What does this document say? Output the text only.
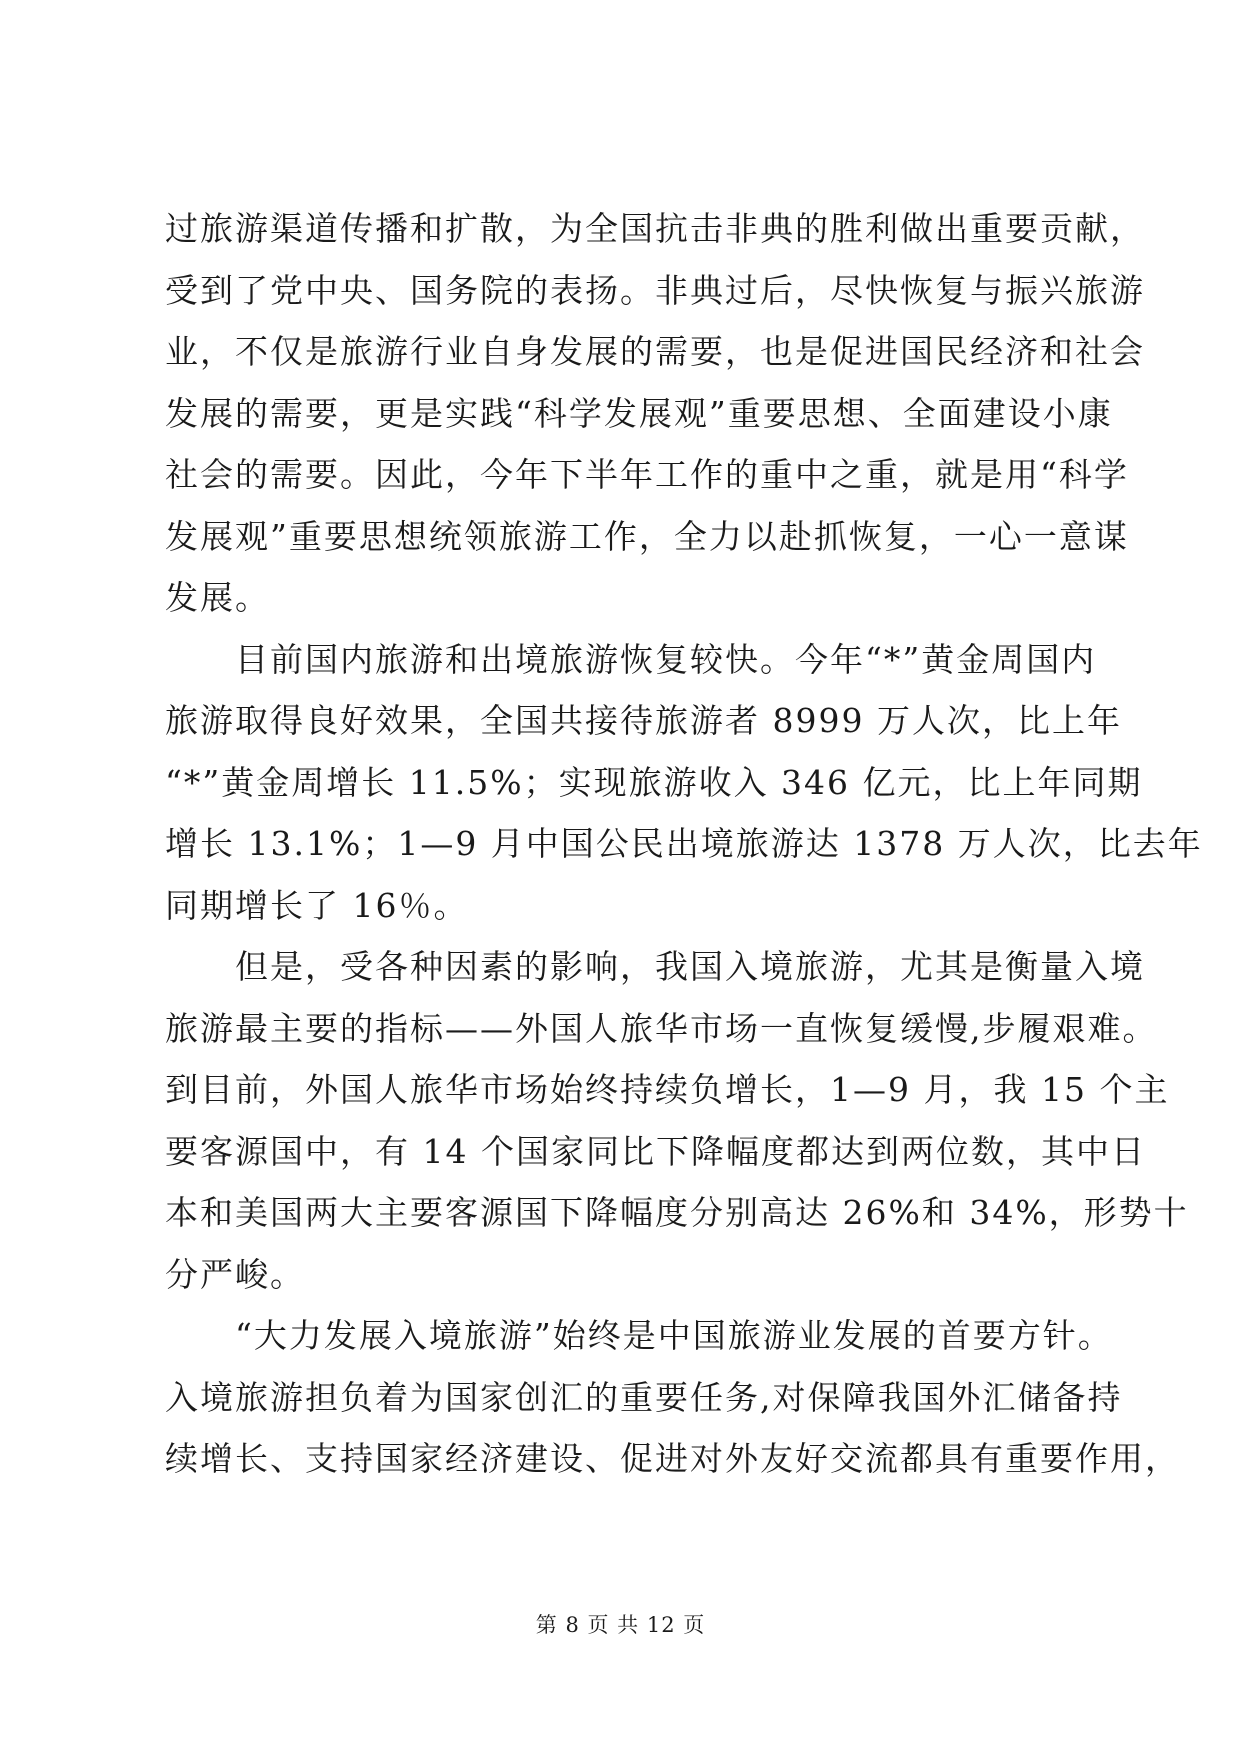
过旅游渠道传播和扩散，为全国抗击非典的胜利做出重要贡献，
受到了党中央、国务院的表扬。非典过后，尽快恢复与振兴旅游
业，不仅是旅游行业自身发展的需要，也是促进国民经济和社会
发展的需要，更是实践“科学发展观”重要思想、全面建设小康
社会的需要。因此，今年下半年工作的重中之重，就是用“科学
发展观”重要思想统领旅游工作，全力以赴抓恢复，一心一意谋
发展。
　　目前国内旅游和出境旅游恢复较快。今年“*”黄金周国内
旅游取得良好效果，全国共接待旅游者 8999 万人次，比上年
“*”黄金周增长 11.5%；实现旅游收入 346 亿元，比上年同期
增长 13.1%；1—9 月中国公民出境旅游达 1378 万人次，比去年
同期增长了 16％。
　　但是，受各种因素的影响，我国入境旅游，尤其是衡量入境
旅游最主要的指标——外国人旅华市场一直恢复缓慢,步履艰难。
到目前，外国人旅华市场始终持续负增长，1—9 月，我 15 个主
要客源国中，有 14 个国家同比下降幅度都达到两位数，其中日
本和美国两大主要客源国下降幅度分别高达 26%和 34%，形势十
分严峻。
　　“大力发展入境旅游”始终是中国旅游业发展的首要方针。
入境旅游担负着为国家创汇的重要任务,对保障我国外汇储备持
续增长、支持国家经济建设、促进对外友好交流都具有重要作用，
第 8 页 共 12 页
